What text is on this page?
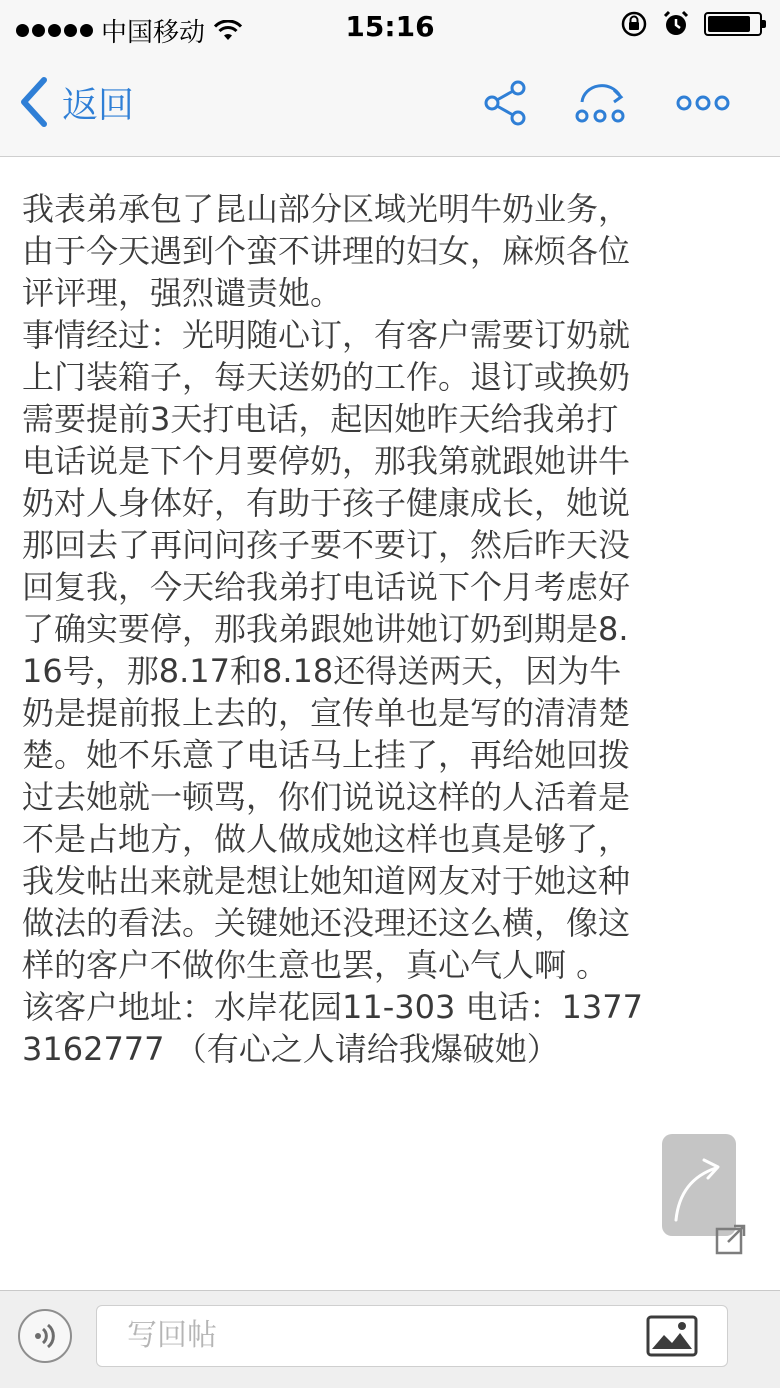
中国移动	15:16
返回

我表弟承包了昆山部分区域光明牛奶业务，

由于今天遇到个蛮不讲理的妇女，麻烦各位

评评理，强烈谴责她。

事情经过：光明随心订，有客户需要订奶就

上门装箱子，每天送奶的工作。退订或换奶

需要提前3天打电话，起因她昨天给我弟打

电话说是下个月要停奶，那我第就跟她讲牛

奶对人身体好，有助于孩子健康成长，她说

那回去了再问问孩子要不要订，然后昨天没

回复我，今天给我弟打电话说下个月考虑好

了确实要停，那我弟跟她讲她订奶到期是8.

16号，那8.17和8.18还得送两天，因为牛

奶是提前报上去的，宣传单也是写的清清楚

楚。她不乐意了电话马上挂了，再给她回拨

过去她就一顿骂，你们说说这样的人活着是

不是占地方，做人做成她这样也真是够了，

我发帖出来就是想让她知道网友对于她这种

做法的看法。关键她还没理还这么横，像这

样的客户不做你生意也罢，真心气人啊 。

该客户地址：水岸花园11-303 电话：1377

3162777 （有心之人请给我爆破她）

写回帖
